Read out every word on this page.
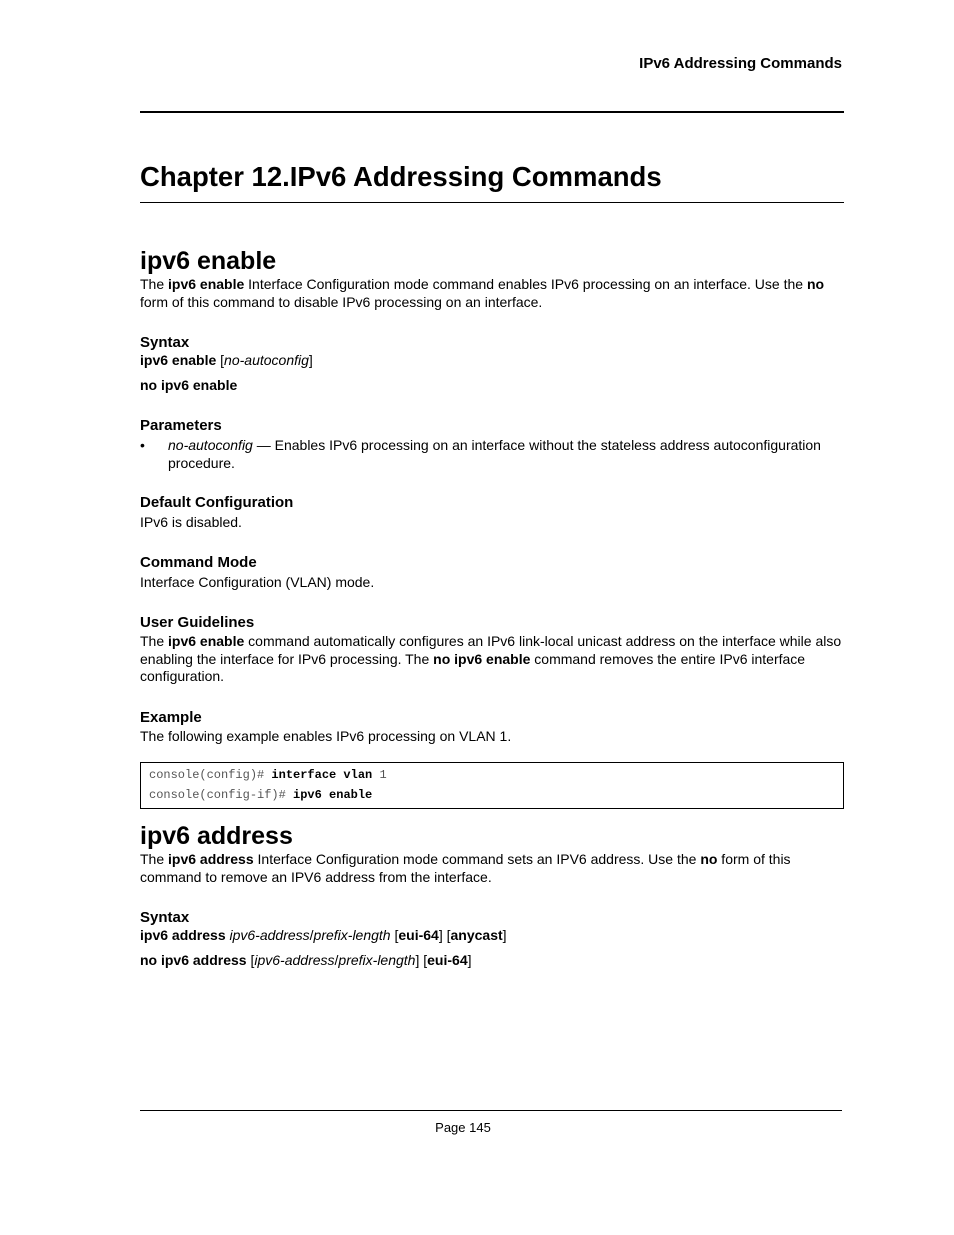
IPv6 Addressing Commands
Chapter 12.IPv6 Addressing Commands
ipv6 enable

The ipv6 enable Interface Configuration mode command enables IPv6 processing on an interface. Use the no form of this command to disable IPv6 processing on an interface.

Syntax
ipv6 enable [no-autoconfig]
no ipv6 enable
Parameters

• no-autoconfig — Enables IPv6 processing on an interface without the stateless address autoconfiguration procedure.

Default Configuration

IPv6 is disabled.

Command Mode

Interface Configuration (VLAN) mode.

User Guidelines

The ipv6 enable command automatically configures an IPv6 link-local unicast address on the interface while also enabling the interface for IPv6 processing. The no ipv6 enable command removes the entire IPv6 interface configuration.

Example

The following example enables IPv6 processing on VLAN 1.

console(config)# interface vlan 1
console(config-if)# ipv6 enable
ipv6 address

The ipv6 address Interface Configuration mode command sets an IPV6 address. Use the no form of this command to remove an IPV6 address from the interface.

Syntax
ipv6 address ipv6-address/prefix-length [eui-64] [anycast]
no ipv6 address [ipv6-address/prefix-length] [eui-64]
Page 145
